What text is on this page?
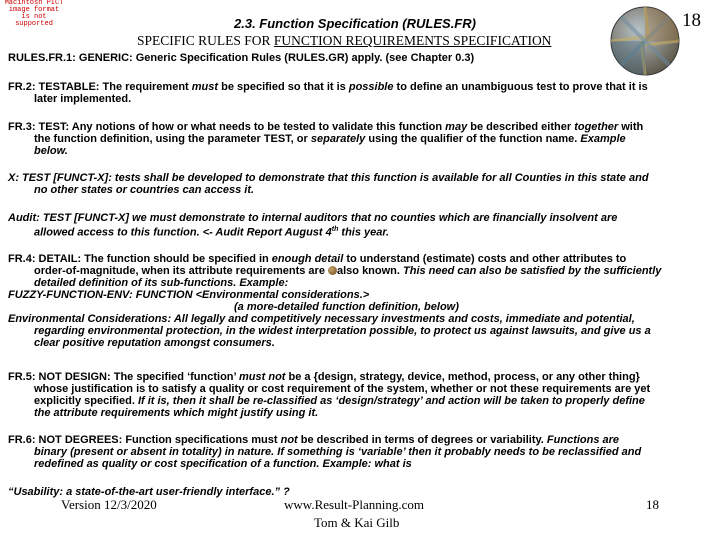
Macintosh PICT
image format
is not supported	2.3. Function Specification (RULES.FR)
SPECIFIC RULES FOR FUNCTION REQUIREMENTS SPECIFICATION
18
RULES.FR.1: GENERIC: Generic Specification Rules (RULES.GR) apply. (see Chapter 0.3)
FR.2: TESTABLE: The requirement must be specified so that it is possible to define an unambiguous test to prove that it is
later implemented.
FR.3: TEST: Any notions of how or what needs to be tested to validate this function may be described either together with
the function definition, using the parameter TEST, or separately using the qualifier of the function name. Example
below.
X: TEST [FUNCT-X]: tests shall be developed to demonstrate that this function is available for all Counties in this state and
no other states or countries can access it.
Audit: TEST [FUNCT-X] we must demonstrate to internal auditors that no counties which are financially insolvent are
allowed access to this function. <- Audit Report August 4th this year.
FR.4: DETAIL: The function should be specified in enough detail to understand (estimate) costs and other attributes to
order-of-magnitude, when its attribute requirements are also known. This need can also be satisfied by the sufficiently
detailed definition of its sub-functions. Example:
FUZZY-FUNCTION-ENV: FUNCTION <Environmental considerations.>
(a more-detailed function definition, below)
Environmental Considerations: All legally and competitively necessary investments and costs, immediate and potential,
regarding environmental protection, in the widest interpretation possible, to protect us against lawsuits, and give us a
clear positive reputation amongst consumers.
FR.5: NOT DESIGN: The specified ‘function’ must not be a {design, strategy, device, method, process, or any other thing}
whose justification is to satisfy a quality or cost requirement of the system, whether or not these requirements are yet
explicitly specified. If it is, then it shall be re-classified as ‘design/strategy’ and action will be taken to properly define
the attribute requirements which might justify using it.
FR.6: NOT DEGREES: Function specifications must not be described in terms of degrees or variability. Functions are
binary (present or absent in totality) in nature. If something is ‘variable’ then it probably needs to be reclassified and
redefined as quality or cost specification of a function. Example: what is
“Usability: a state-of-the-art user-friendly interface.” ?
Version 12/3/2020	www.Result-Planning.com
Tom & Kai Gilb
18
